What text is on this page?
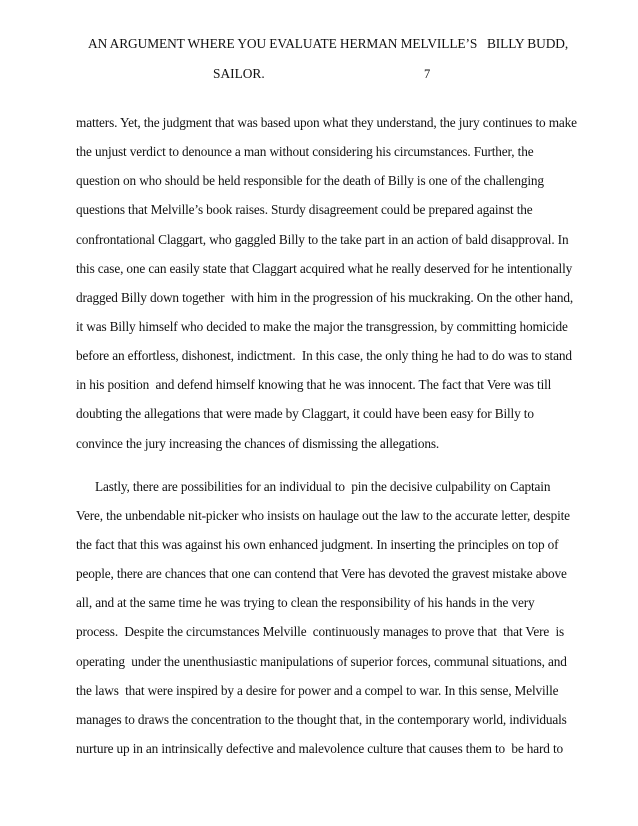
AN ARGUMENT WHERE YOU EVALUATE HERMAN MELVILLE’S   BILLY BUDD,
SAILOR.	7
matters. Yet, the judgment that was based upon what they understand, the jury continues to make
the unjust verdict to denounce a man without considering his circumstances. Further, the
question on who should be held responsible for the death of Billy is one of the challenging
questions that Melville’s book raises. Sturdy disagreement could be prepared against the
confrontational Claggart, who gaggled Billy to the take part in an action of bald disapproval. In
this case, one can easily state that Claggart acquired what he really deserved for he intentionally
dragged Billy down together  with him in the progression of his muckraking. On the other hand,
it was Billy himself who decided to make the major the transgression, by committing homicide
before an effortless, dishonest, indictment.  In this case, the only thing he had to do was to stand
in his position  and defend himself knowing that he was innocent. The fact that Vere was till
doubting the allegations that were made by Claggart, it could have been easy for Billy to
convince the jury increasing the chances of dismissing the allegations.
Lastly, there are possibilities for an individual to  pin the decisive culpability on Captain
Vere, the unbendable nit-picker who insists on haulage out the law to the accurate letter, despite
the fact that this was against his own enhanced judgment. In inserting the principles on top of
people, there are chances that one can contend that Vere has devoted the gravest mistake above
all, and at the same time he was trying to clean the responsibility of his hands in the very
process.  Despite the circumstances Melville  continuously manages to prove that  that Vere  is
operating  under the unenthusiastic manipulations of superior forces, communal situations, and
the laws  that were inspired by a desire for power and a compel to war. In this sense, Melville
manages to draws the concentration to the thought that, in the contemporary world, individuals
nurture up in an intrinsically defective and malevolence culture that causes them to  be hard to
